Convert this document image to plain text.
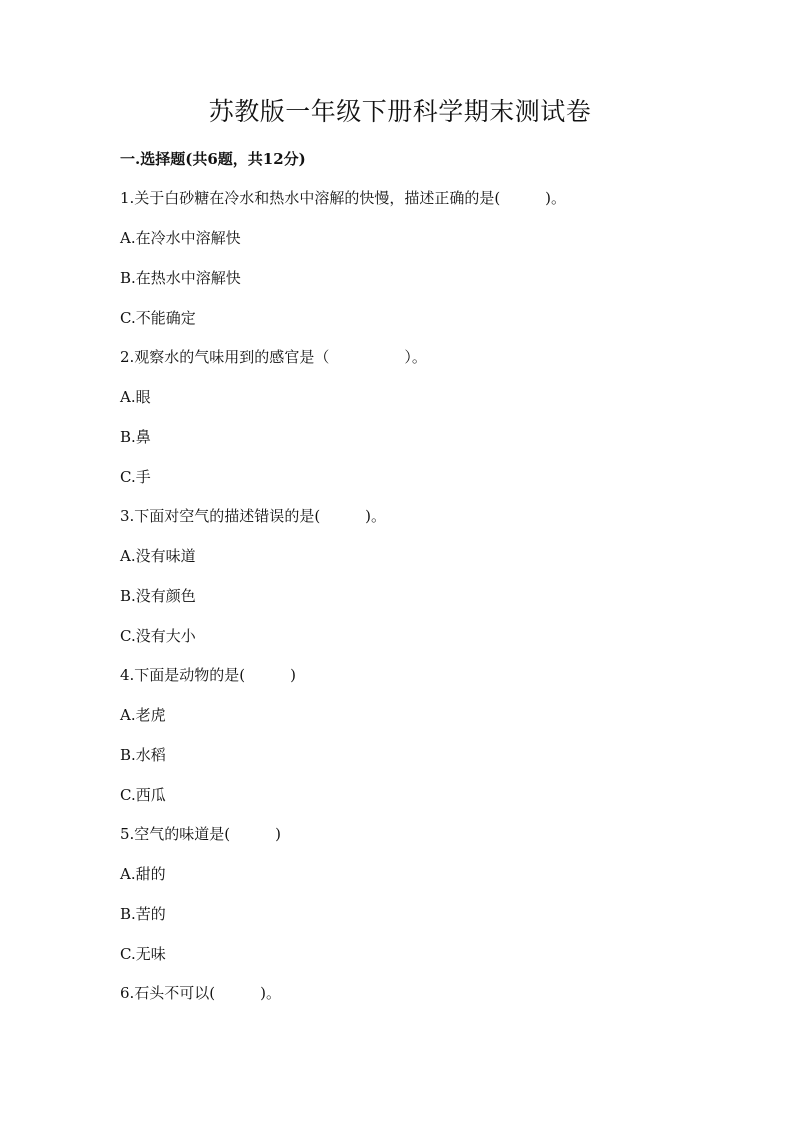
苏教版一年级下册科学期末测试卷
一.选择题(共6题，共12分)
1.关于白砂糖在冷水和热水中溶解的快慢，描述正确的是(　　　)。
A.在冷水中溶解快
B.在热水中溶解快
C.不能确定
2.观察水的气味用到的感官是（　　　　　）。
A.眼
B.鼻
C.手
3.下面对空气的描述错误的是(　　　)。
A.没有味道
B.没有颜色
C.没有大小
4.下面是动物的是(　　　)
A.老虎
B.水稻
C.西瓜
5.空气的味道是(　　　)
A.甜的
B.苦的
C.无味
6.石头不可以(　　　)。
